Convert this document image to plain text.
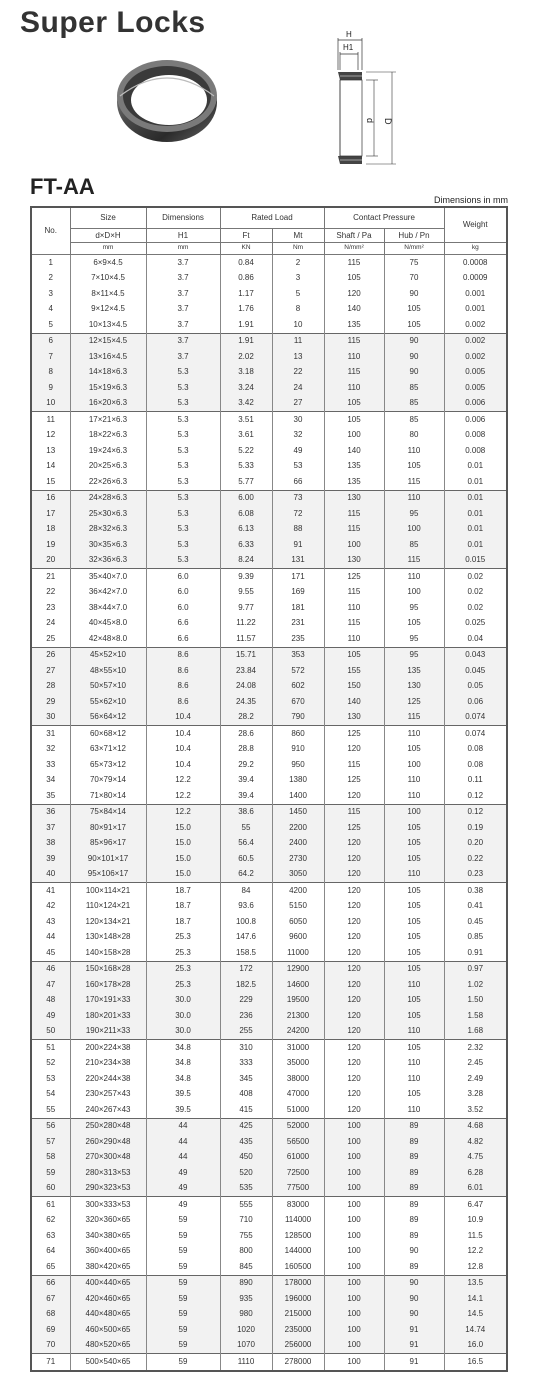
Super Locks	H
H1
d D
FT-AA
Dimensions in mm
No.	Size	Dimensions	Rated Load		Contact Pressure		Weight
	d×D×H	H1	Ft	Mt	Shaft / Pa	Hub / Pn	
	mm	mm	KN	Nm	N/mm²	N/mm²	kg
1	6×9×4.5	3.7	0.84	2	115	75	0.0008
2	7×10×4.5	3.7	0.86	3	105	70	0.0009
3	8×11×4.5	3.7	1.17	5	120	90	0.001
4	9×12×4.5	3.7	1.76	8	140	105	0.001
5	10×13×4.5	3.7	1.91	10	135	105	0.002
6	12×15×4.5	3.7	1.91	11	115	90	0.002
7	13×16×4.5	3.7	2.02	13	110	90	0.002
8	14×18×6.3	5.3	3.18	22	115	90	0.005
9	15×19×6.3	5.3	3.24	24	110	85	0.005
10	16×20×6.3	5.3	3.42	27	105	85	0.006
11	17×21×6.3	5.3	3.51	30	105	85	0.006
12	18×22×6.3	5.3	3.61	32	100	80	0.008
13	19×24×6.3	5.3	5.22	49	140	110	0.008
14	20×25×6.3	5.3	5.33	53	135	105	0.01
15	22×26×6.3	5.3	5.77	66	135	115	0.01
16	24×28×6.3	5.3	6.00	73	130	110	0.01
17	25×30×6.3	5.3	6.08	72	115	95	0.01
18	28×32×6.3	5.3	6.13	88	115	100	0.01
19	30×35×6.3	5.3	6.33	91	100	85	0.01
20	32×36×6.3	5.3	8.24	131	130	115	0.015
21	35×40×7.0	6.0	9.39	171	125	110	0.02
22	36×42×7.0	6.0	9.55	169	115	100	0.02
23	38×44×7.0	6.0	9.77	181	110	95	0.02
24	40×45×8.0	6.6	11.22	231	115	105	0.025
25	42×48×8.0	6.6	11.57	235	110	95	0.04
26	45×52×10	8.6	15.71	353	105	95	0.043
27	48×55×10	8.6	23.84	572	155	135	0.045
28	50×57×10	8.6	24.08	602	150	130	0.05
29	55×62×10	8.6	24.35	670	140	125	0.06
30	56×64×12	10.4	28.2	790	130	115	0.074
31	60×68×12	10.4	28.6	860	125	110	0.074
32	63×71×12	10.4	28.8	910	120	105	0.08
33	65×73×12	10.4	29.2	950	115	100	0.08
34	70×79×14	12.2	39.4	1380	125	110	0.11
35	71×80×14	12.2	39.4	1400	120	110	0.12
36	75×84×14	12.2	38.6	1450	115	100	0.12
37	80×91×17	15.0	55	2200	125	105	0.19
38	85×96×17	15.0	56.4	2400	120	105	0.20
39	90×101×17	15.0	60.5	2730	120	105	0.22
40	95×106×17	15.0	64.2	3050	120	110	0.23
41	100×114×21	18.7	84	4200	120	105	0.38
42	110×124×21	18.7	93.6	5150	120	105	0.41
43	120×134×21	18.7	100.8	6050	120	105	0.45
44	130×148×28	25.3	147.6	9600	120	105	0.85
45	140×158×28	25.3	158.5	11000	120	105	0.91
46	150×168×28	25.3	172	12900	120	105	0.97
47	160×178×28	25.3	182.5	14600	120	110	1.02
48	170×191×33	30.0	229	19500	120	105	1.50
49	180×201×33	30.0	236	21300	120	105	1.58
50	190×211×33	30.0	255	24200	120	110	1.68
51	200×224×38	34.8	310	31000	120	105	2.32
52	210×234×38	34.8	333	35000	120	110	2.45
53	220×244×38	34.8	345	38000	120	110	2.49
54	230×257×43	39.5	408	47000	120	105	3.28
55	240×267×43	39.5	415	51000	120	110	3.52
56	250×280×48	44	425	52000	100	89	4.68
57	260×290×48	44	435	56500	100	89	4.82
58	270×300×48	44	450	61000	100	89	4.75
59	280×313×53	49	520	72500	100	89	6.28
60	290×323×53	49	535	77500	100	89	6.01
61	300×333×53	49	555	83000	100	89	6.47
62	320×360×65	59	710	114000	100	89	10.9
63	340×380×65	59	755	128500	100	89	11.5
64	360×400×65	59	800	144000	100	90	12.2
65	380×420×65	59	845	160500	100	89	12.8
66	400×440×65	59	890	178000	100	90	13.5
67	420×460×65	59	935	196000	100	90	14.1
68	440×480×65	59	980	215000	100	90	14.5
69	460×500×65	59	1020	235000	100	91	14.74
70	480×520×65	59	1070	256000	100	91	16.0
71	500×540×65	59	1110	278000	100	91	16.5
